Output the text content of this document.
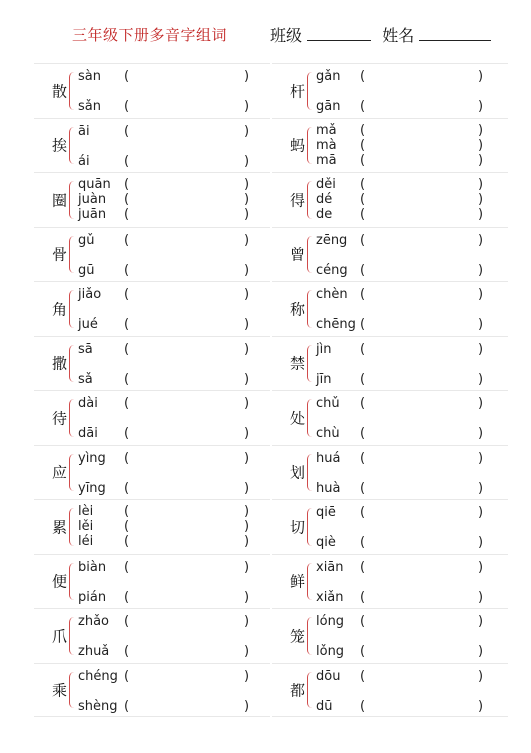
三年级下册多音字组词	班级	姓名
散
sàn (	)
sǎn (	)
挨
āi	(	)
ái	(	)
圈
quān (	)
juàn (	)
juān (	)
骨
gǔ (	)
gū (	)
角
jiǎo (	)
jué (	)
撒
sā (	)
sǎ (	)
待
dài (	)
dāi (	)
应
yìng (	)
yīng (	)
累
lèi (	)
lěi (	)
léi (	)
便
biàn (	)
pián (	)
爪
zhǎo (	)
zhuǎ (	)
乘
chéng (	)
shèng (	)
杆
gǎn (	)
gān (	)
蚂
mǎ (	)
mà (	)
mā (	)
得
děi (	)
dé (	)
de (	)
曾
zēng (	)
céng (	)
称
chèn (	)
chēng (	)
禁
jìn (	)
jīn (	)
处
chǔ (	)
chù (	)
划
huá (	)
huà (	)
切
qiē (	)
qiè (	)
鲜
xiān (	)
xiǎn (	)
笼
lóng (	)
lǒng (	)
都
dōu (	)
dū (	)
